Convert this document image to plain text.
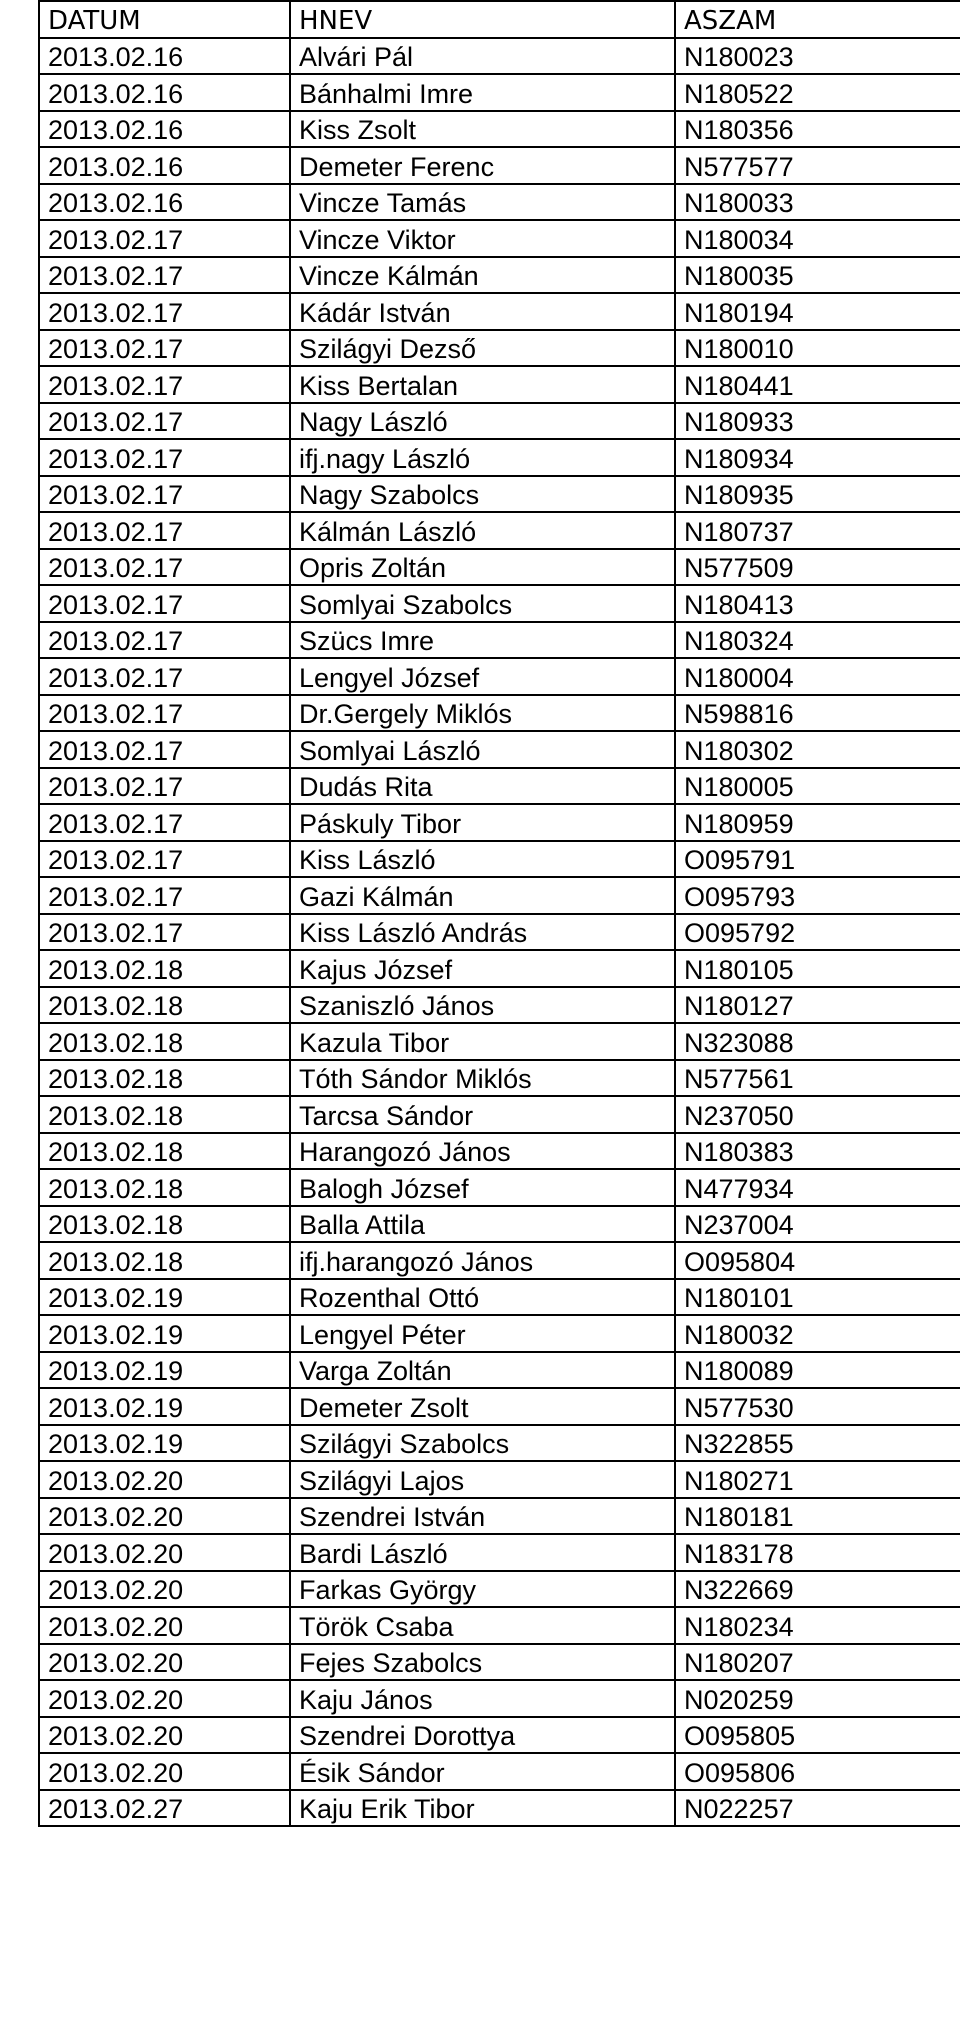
DATUM	HNEV	ASZAM
2013.02.16	Alvári Pál	N180023
2013.02.16	Bánhalmi Imre	N180522
2013.02.16	Kiss Zsolt	N180356
2013.02.16	Demeter Ferenc	N577577
2013.02.16	Vincze Tamás	N180033
2013.02.17	Vincze Viktor	N180034
2013.02.17	Vincze Kálmán	N180035
2013.02.17	Kádár István	N180194
2013.02.17	Szilágyi Dezső	N180010
2013.02.17	Kiss Bertalan	N180441
2013.02.17	Nagy László	N180933
2013.02.17	ifj.nagy László	N180934
2013.02.17	Nagy Szabolcs	N180935
2013.02.17	Kálmán László	N180737
2013.02.17	Opris Zoltán	N577509
2013.02.17	Somlyai Szabolcs	N180413
2013.02.17	Szücs Imre	N180324
2013.02.17	Lengyel József	N180004
2013.02.17	Dr.Gergely Miklós	N598816
2013.02.17	Somlyai László	N180302
2013.02.17	Dudás Rita	N180005
2013.02.17	Páskuly Tibor	N180959
2013.02.17	Kiss László	O095791
2013.02.17	Gazi Kálmán	O095793
2013.02.17	Kiss László András	O095792
2013.02.18	Kajus József	N180105
2013.02.18	Szaniszló János	N180127
2013.02.18	Kazula Tibor	N323088
2013.02.18	Tóth Sándor Miklós	N577561
2013.02.18	Tarcsa Sándor	N237050
2013.02.18	Harangozó János	N180383
2013.02.18	Balogh József	N477934
2013.02.18	Balla Attila	N237004
2013.02.18	ifj.harangozó János	O095804
2013.02.19	Rozenthal Ottó	N180101
2013.02.19	Lengyel Péter	N180032
2013.02.19	Varga Zoltán	N180089
2013.02.19	Demeter Zsolt	N577530
2013.02.19	Szilágyi Szabolcs	N322855
2013.02.20	Szilágyi Lajos	N180271
2013.02.20	Szendrei István	N180181
2013.02.20	Bardi László	N183178
2013.02.20	Farkas György	N322669
2013.02.20	Török Csaba	N180234
2013.02.20	Fejes Szabolcs	N180207
2013.02.20	Kaju János	N020259
2013.02.20	Szendrei Dorottya	O095805
2013.02.20	Ésik Sándor	O095806
2013.02.27	Kaju Erik Tibor	N022257
